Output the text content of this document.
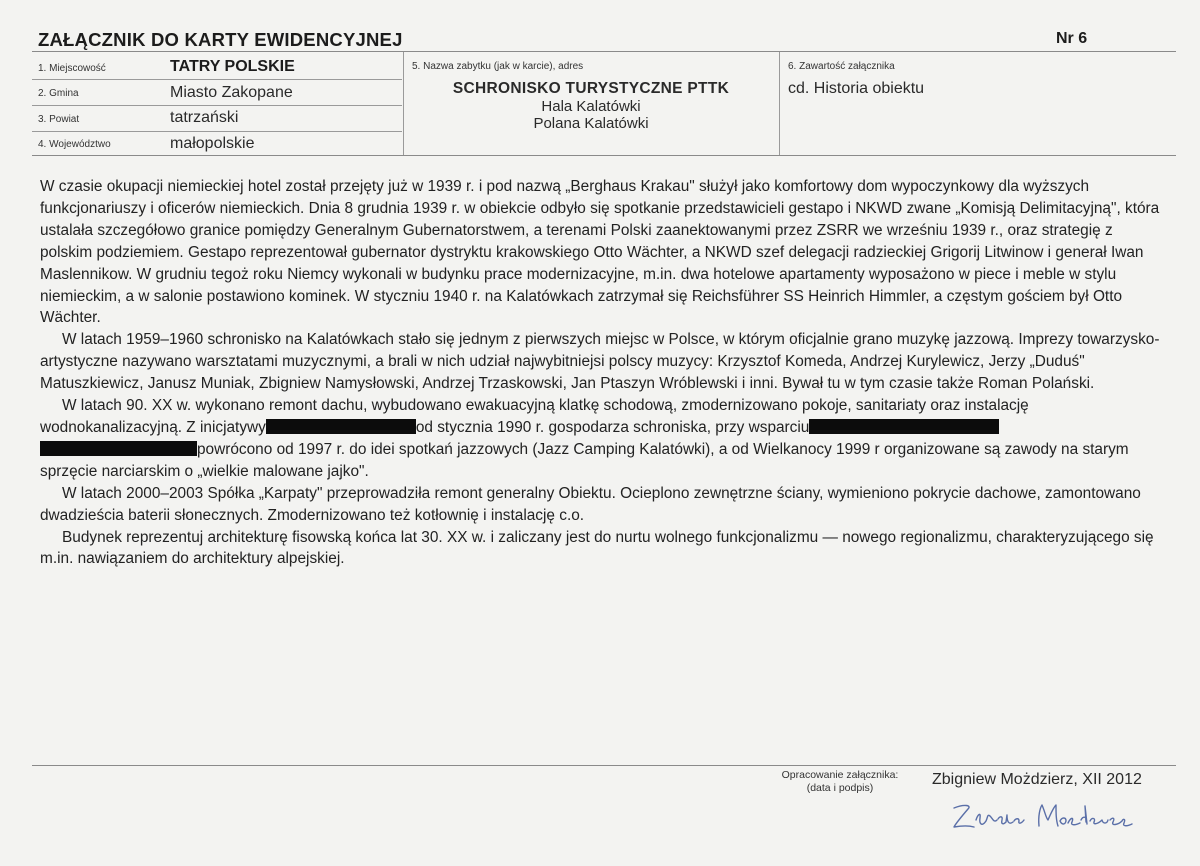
ZAŁĄCZNIK DO KARTY EWIDENCYJNEJ	Nr 6
1. Miejscowość	TATRY POLSKIE
2. Gmina	Miasto Zakopane
3. Powiat	tatrzański
4. Województwo	małopolskie
5. Nazwa zabytku (jak w karcie), adres
SCHRONISKO TURYSTYCZNE PTTK
Hala Kalatówki
Polana Kalatówki
6. Zawartość załącznika
cd. Historia obiektu

W czasie okupacji niemieckiej hotel został przejęty już w 1939 r. i pod nazwą „Berghaus Krakau" służył jako komfortowy dom wypoczynkowy dla wyższych funkcjonariuszy i oficerów niemieckich. Dnia 8 grudnia 1939 r. w obiekcie odbyło się spotkanie przedstawicieli gestapo i NKWD zwane „Komisją Delimitacyjną", która ustalała szczegółowo granice pomiędzy Generalnym Gubernatorstwem, a terenami Polski zaanektowanymi przez ZSRR we wrześniu 1939 r., oraz strategię z polskim podziemiem. Gestapo reprezentował gubernator dystryktu krakowskiego Otto Wächter, a NKWD szef delegacji radzieckiej Grigorij Litwinow i generał Iwan Maslennikow. W grudniu tegoż roku Niemcy wykonali w budynku prace modernizacyjne, m.in. dwa hotelowe apartamenty wyposażono w piece i meble w stylu niemieckim, a w salonie postawiono kominek. W styczniu 1940 r. na Kalatówkach zatrzymał się Reichsführer SS Heinrich Himmler, a częstym gościem był Otto Wächter.

W latach 1959–1960 schronisko na Kalatówkach stało się jednym z pierwszych miejsc w Polsce, w którym oficjalnie grano muzykę jazzową. Imprezy towarzysko-artystyczne nazywano warsztatami muzycznymi, a brali w nich udział najwybitniejsi polscy muzycy: Krzysztof Komeda, Andrzej Kurylewicz, Jerzy „Duduś" Matuszkiewicz, Janusz Muniak, Zbigniew Namysłowski, Andrzej Trzaskowski, Jan Ptaszyn Wróblewski i inni. Bywał tu w tym czasie także Roman Polański.

W latach 90. XX w. wykonano remont dachu, wybudowano ewakuacyjną klatkę schodową, zmodernizowano pokoje, sanitariaty oraz instalację wodnokanalizacyjną. Z inicjatywy	od stycznia 1990 r. gospodarza schroniska, przy wsparciu powrócono od 1997 r. do idei spotkań jazzowych (Jazz Camping Kalatówki), a od Wielkanocy 1999 r organizowane są zawody na starym sprzęcie narciarskim o „wielkie malowane jajko".

W latach 2000–2003 Spółka „Karpaty" przeprowadziła remont generalny Obiektu. Ocieplono zewnętrzne ściany, wymieniono pokrycie dachowe, zamontowano dwadzieścia baterii słonecznych. Zmodernizowano też kotłownię i instalację c.o.

Budynek reprezentuj architekturę fisowską końca lat 30. XX w. i zaliczany jest do nurtu wolnego funkcjonalizmu — nowego regionalizmu, charakteryzującego się m.in. nawiązaniem do architektury alpejskiej.

Opracowanie załącznika:
(data i podpis)	Zbigniew Możdzierz, XII 2012
